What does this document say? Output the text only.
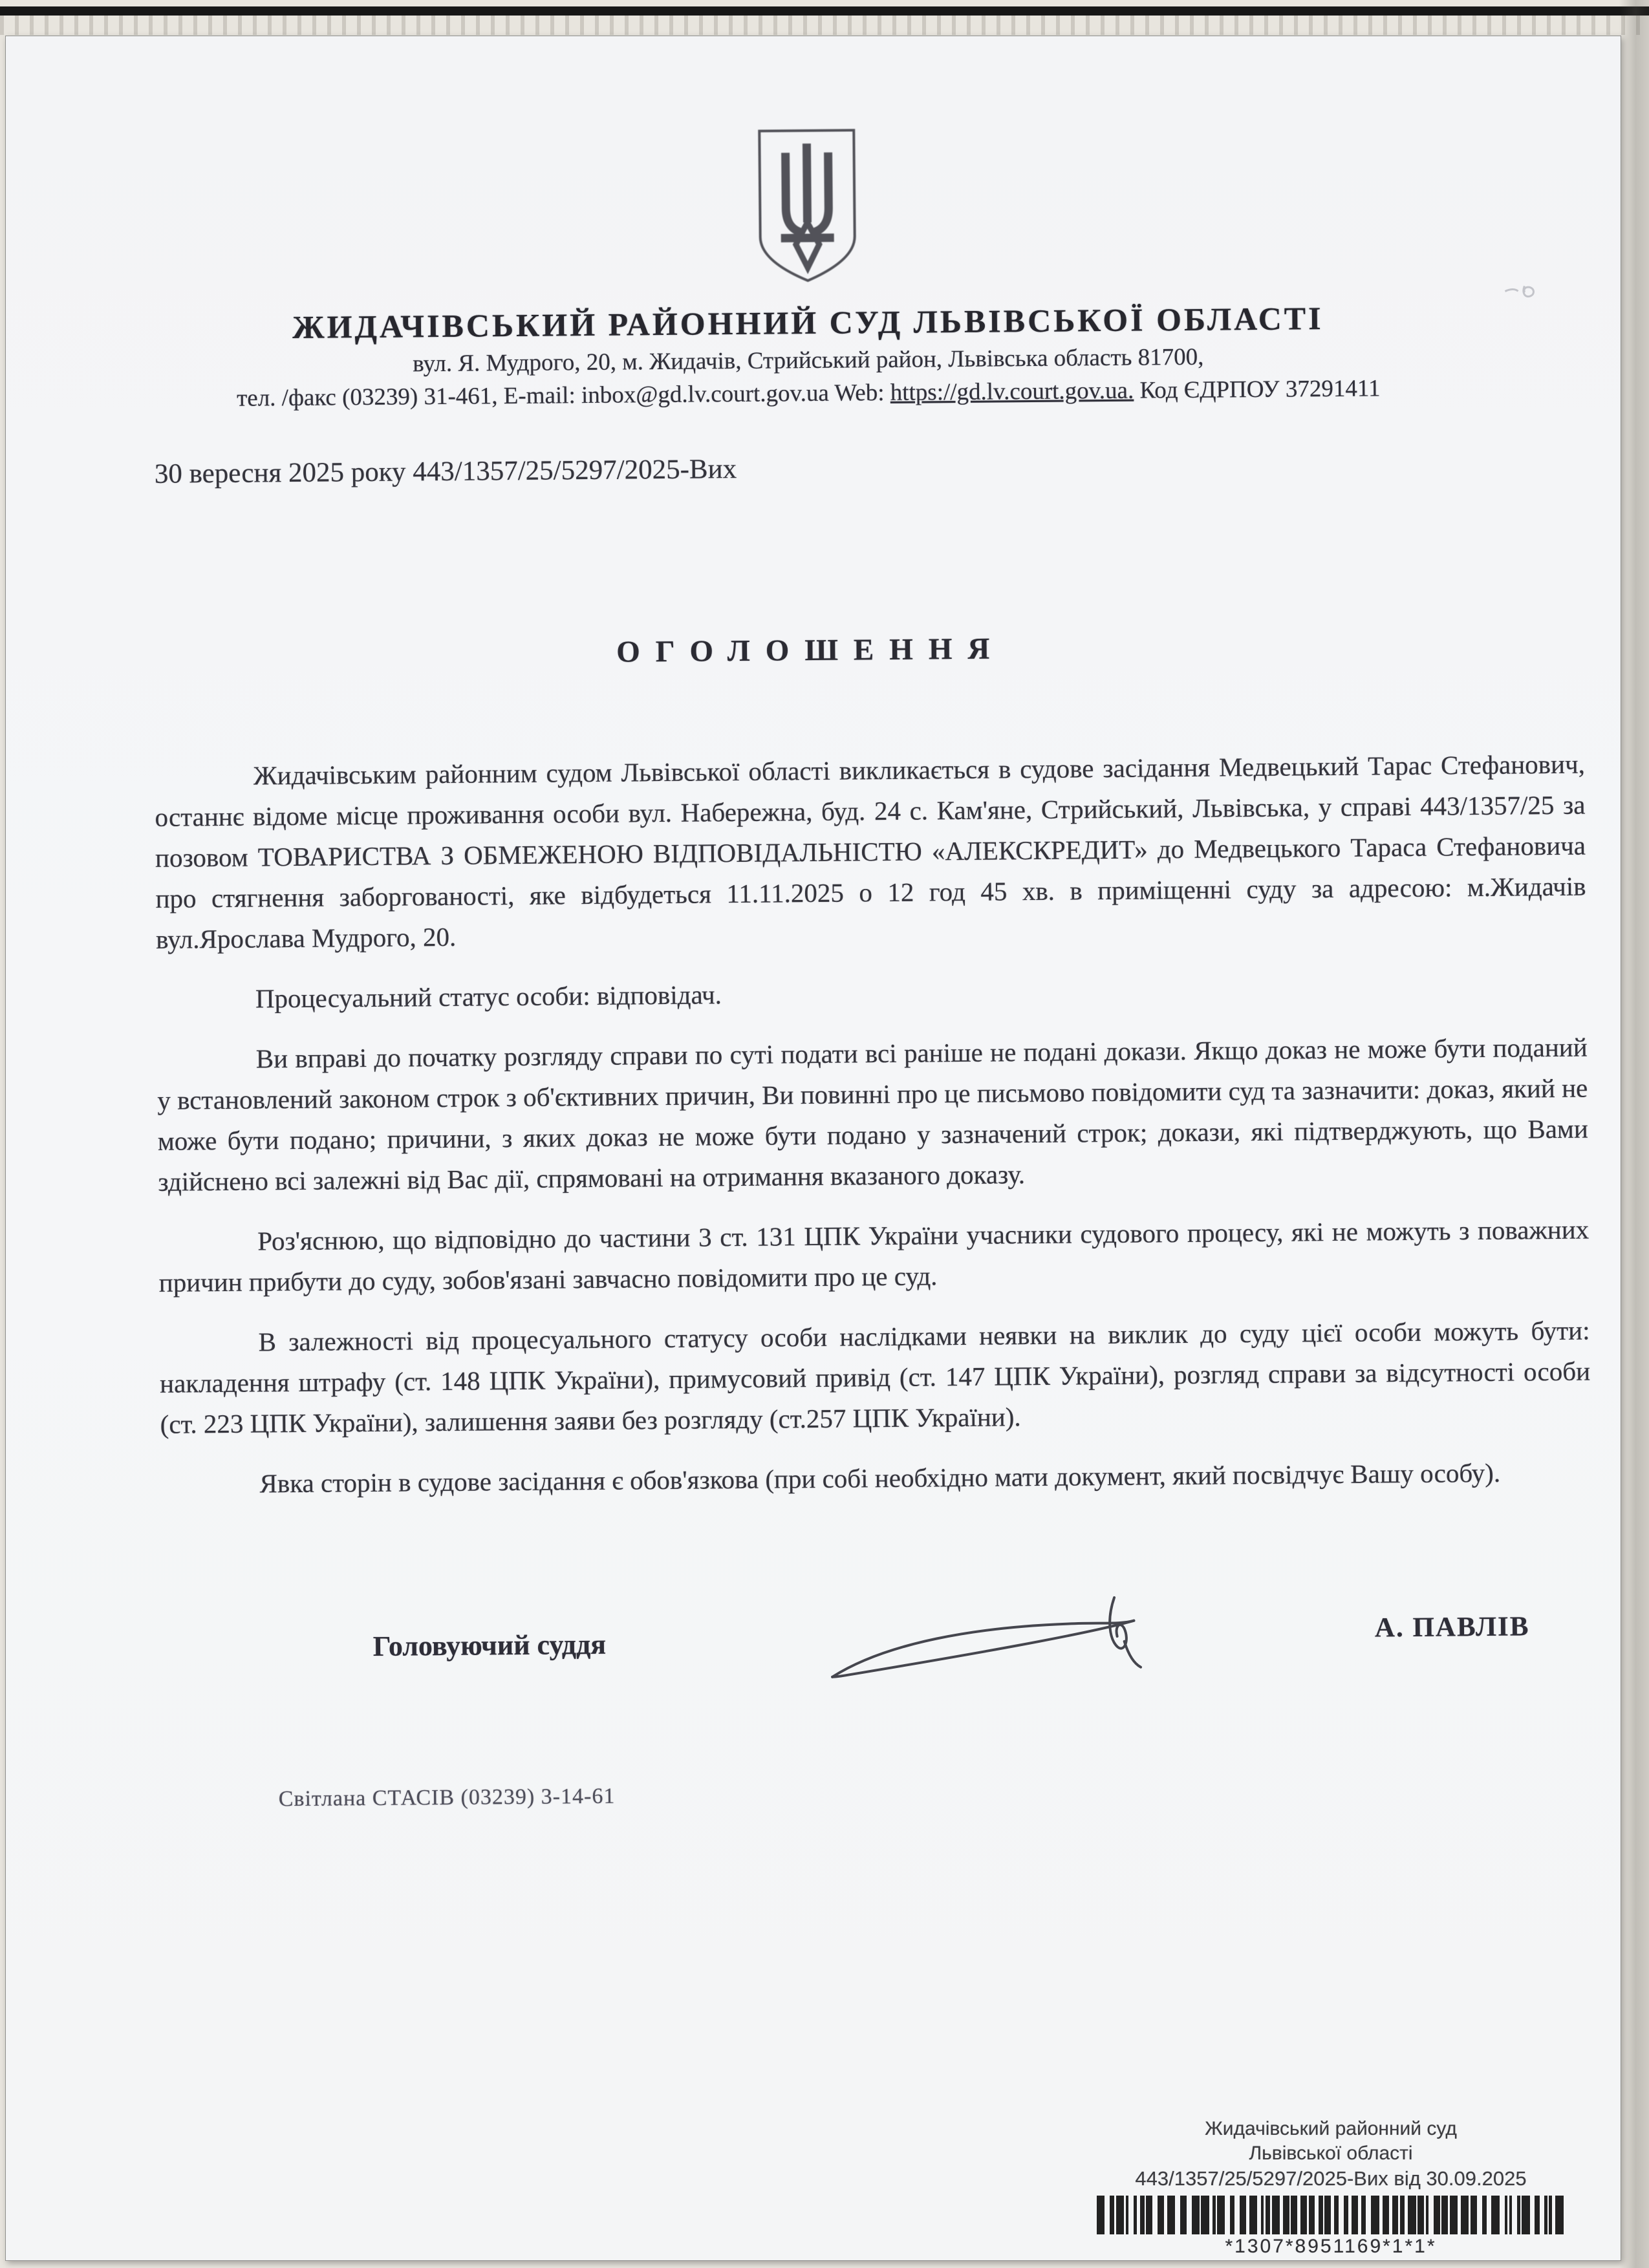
ЖИДАЧІВСЬКИЙ РАЙОННИЙ СУД ЛЬВІВСЬКОЇ ОБЛАСТІ
вул. Я. Мудрого, 20, м. Жидачів, Стрийський район, Львівська область 81700,
тел. /факс (03239) 31-461, E-mail: inbox@gd.lv.court.gov.ua Web: https://gd.lv.court.gov.ua. Код ЄДРПОУ 37291411
30 вересня 2025 року 443/1357/25/5297/2025-Вих
ОГОЛОШЕННЯ
Жидачівським районним судом Львівської області викликається в судове засідання Медвецький Тарас Стефанович, останнє відоме місце проживання особи вул. Набережна, буд. 24 с. Кам'яне, Стрийський, Львівська, у справі 443/1357/25 за позовом ТОВАРИСТВА З ОБМЕЖЕНОЮ ВІДПОВІДАЛЬНІСТЮ «АЛЕКСКРЕДИТ» до Медвецького Тараса Стефановича про стягнення заборгованості, яке відбудеться 11.11.2025 о 12 год 45 хв. в приміщенні суду за адресою: м.Жидачів вул.Ярослава Мудрого, 20.
Процесуальний статус особи: відповідач.
Ви вправі до початку розгляду справи по суті подати всі раніше не подані докази. Якщо доказ не може бути поданий у встановлений законом строк з об'єктивних причин, Ви повинні про це письмово повідомити суд та зазначити: доказ, який не може бути подано; причини, з яких доказ не може бути подано у зазначений строк; докази, які підтверджують, що Вами здійснено всі залежні від Вас дії, спрямовані на отримання вказаного доказу.
Роз'яснюю, що відповідно до частини 3 ст. 131 ЦПК України учасники судового процесу, які не можуть з поважних причин прибути до суду, зобов'язані завчасно повідомити про це суд.
В залежності від процесуального статусу особи наслідками неявки на виклик до суду цієї особи можуть бути: накладення штрафу (ст. 148 ЦПК України), примусовий привід (ст. 147 ЦПК України), розгляд справи за відсутності особи (ст. 223 ЦПК України), залишення заяви без розгляду (ст.257 ЦПК України).
Явка сторін в судове засідання є обов'язкова (при собі необхідно мати документ, який посвідчує Вашу особу).
Головуючий суддя
А. ПАВЛІВ
Світлана СТАСІВ (03239) 3-14-61
Жидачівський районний суд
Львівської області
443/1357/25/5297/2025-Вих від 30.09.2025
*1307*8951169*1*1*
